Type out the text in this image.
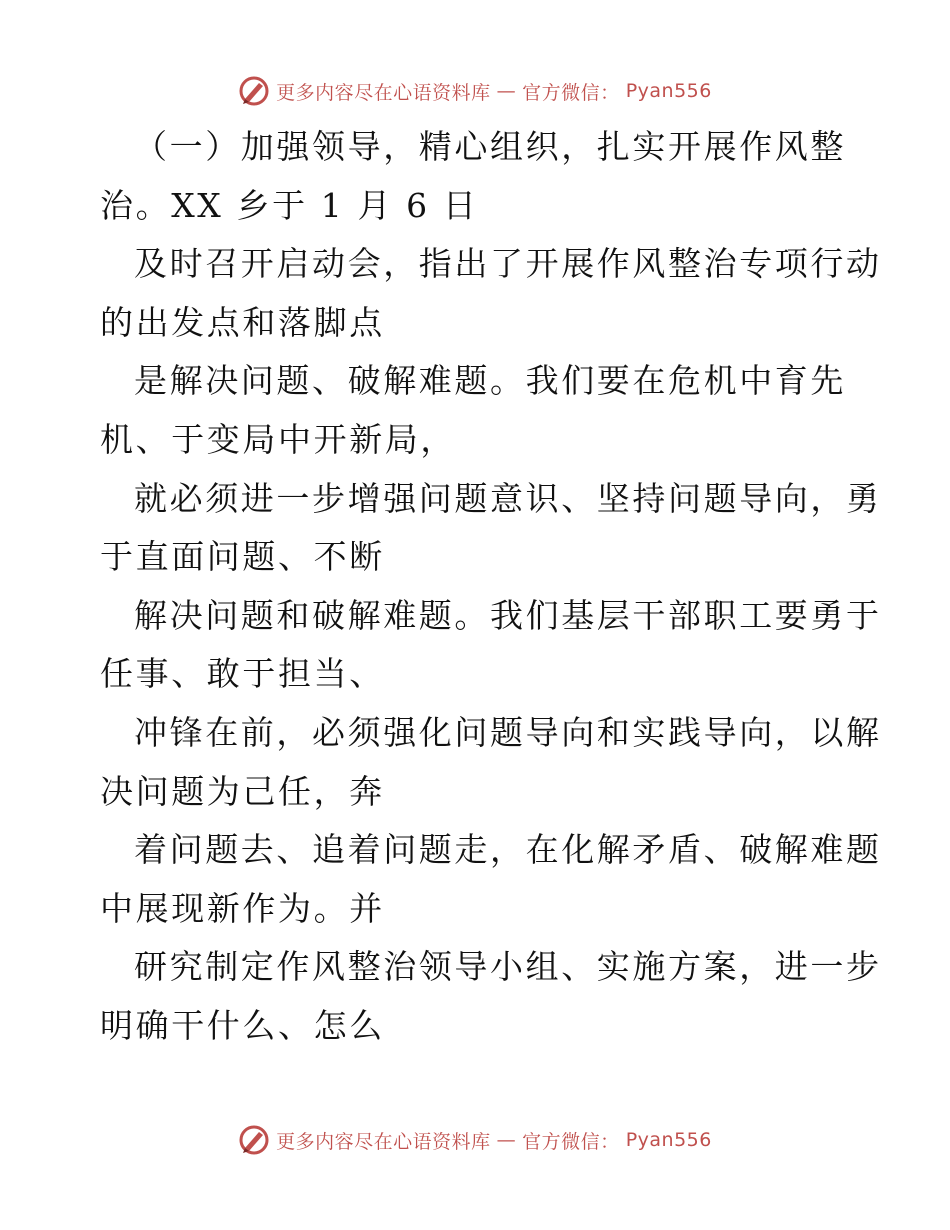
更多内容尽在心语资料库 — 官方微信： Pyan556
（一）加强领导，精心组织，扎实开展作风整
治。XX 乡于 1 月 6 日
及时召开启动会，指出了开展作风整治专项行动
的出发点和落脚点
是解决问题、破解难题。我们要在危机中育先
机、于变局中开新局，
就必须进一步增强问题意识、坚持问题导向，勇
于直面问题、不断
解决问题和破解难题。我们基层干部职工要勇于
任事、敢于担当、
冲锋在前，必须强化问题导向和实践导向，以解
决问题为己任，奔
着问题去、追着问题走，在化解矛盾、破解难题
中展现新作为。并
研究制定作风整治领导小组、实施方案，进一步
明确干什么、怎么
更多内容尽在心语资料库 — 官方微信： Pyan556
